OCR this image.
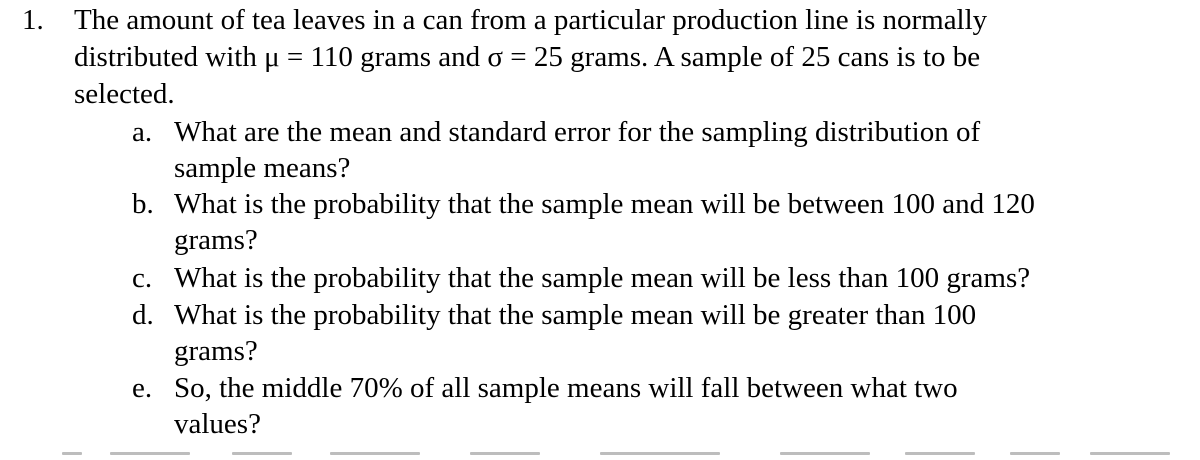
1. The amount of tea leaves in a can from a particular production line is normally
distributed with μ = 110 grams and σ = 25 grams. A sample of 25 cans is to be
selected.
a. What are the mean and standard error for the sampling distribution of
sample means?
b. What is the probability that the sample mean will be between 100 and 120
grams?
c. What is the probability that the sample mean will be less than 100 grams?
d. What is the probability that the sample mean will be greater than 100
grams?
e. So, the middle 70% of all sample means will fall between what two
values?
